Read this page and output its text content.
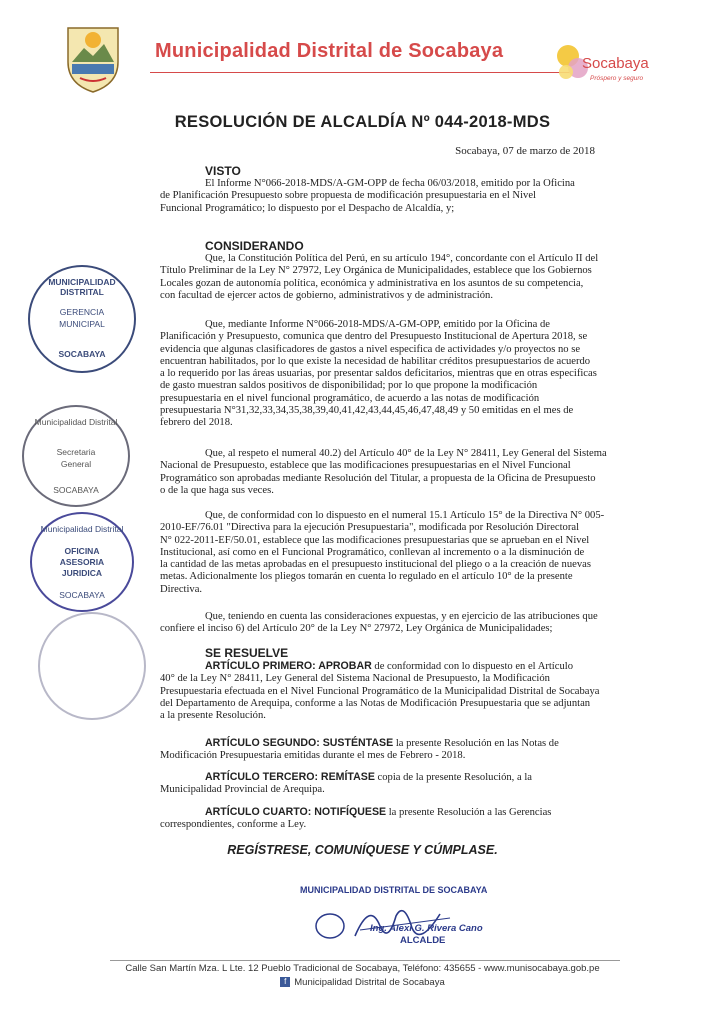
Municipalidad Distrital de Socabaya
Socabaya
Próspero y seguro
RESOLUCIÓN DE ALCALDÍA Nº 044-2018-MDS
Socabaya, 07 de marzo de 2018
VISTO
El Informe N°066-2018-MDS/A-GM-OPP de fecha 06/03/2018, emitido por la Oficina
de Planificación Presupuesto sobre propuesta de modificación presupuestaria en el Nivel
Funcional Programático; lo dispuesto por el Despacho de Alcaldía, y;
CONSIDERANDO
Que, la Constitución Política del Perú, en su artículo 194°, concordante con el Artículo II del
Título Preliminar de la Ley N° 27972, Ley Orgánica de Municipalidades, establece que los Gobiernos
Locales gozan de autonomía política, económica y administrativa en los asuntos de su competencia,
con facultad de ejercer actos de gobierno, administrativos y de administración.
Que, mediante Informe N°066-2018-MDS/A-GM-OPP, emitido por la Oficina de
Planificación y Presupuesto, comunica que dentro del Presupuesto Institucional de Apertura 2018, se
evidencia que algunas clasificadores de gastos a nivel especifica de actividades y/o proyectos no se
encuentran habilitados, por lo que existe la necesidad de habilitar créditos presupuestarios de acuerdo
a lo requerido por las áreas usuarias, por presentar saldos deficitarios, mientras que en otras especificas
de gasto muestran saldos positivos de disponibilidad; por lo que propone la modificación
presupuestaria en el nivel funcional programático, de acuerdo a las notas de modificación
presupuestaria N°31,32,33,34,35,38,39,40,41,42,43,44,45,46,47,48,49 y 50 emitidas en el mes de
febrero del 2018.
Que, al respeto el numeral 40.2) del Artículo 40° de la Ley N° 28411, Ley General del Sistema
Nacional de Presupuesto, establece que las modificaciones presupuestarias en el Nivel Funcional
Programático son aprobadas mediante Resolución del Titular, a propuesta de la Oficina de Presupuesto
o de la que haga sus veces.
Que, de conformidad con lo dispuesto en el numeral 15.1 Artículo 15° de la Directiva N° 005-
2010-EF/76.01 "Directiva para la ejecución Presupuestaria", modificada por Resolución Directoral
N° 022-2011-EF/50.01, establece que las modificaciones presupuestarias que se aprueban en el Nivel
Institucional, así como en el Funcional Programático, conllevan al incremento o a la disminución de
la cantidad de las metas aprobadas en el presupuesto institucional del pliego o a la creación de nuevas
metas. Adicionalmente los pliegos tomarán en cuenta lo regulado en el artículo 10° de la presente
Directiva.
Que, teniendo en cuenta las consideraciones expuestas, y en ejercicio de las atribuciones que
confiere el inciso 6) del Artículo 20° de la Ley N° 27972, Ley Orgánica de Municipalidades;
SE RESUELVE
ARTÍCULO PRIMERO: APROBAR de conformidad con lo dispuesto en el Artículo
40° de la Ley N° 28411, Ley General del Sistema Nacional de Presupuesto, la Modificación
Presupuestaria efectuada en el Nivel Funcional Programático de la Municipalidad Distrital de Socabaya
del Departamento de Arequipa, conforme a las Notas de Modificación Presupuestaria que se adjuntan
a la presente Resolución.
ARTÍCULO SEGUNDO: SUSTÉNTASE la presente Resolución en las Notas de
Modificación Presupuestaria emitidas durante el mes de Febrero - 2018.
ARTÍCULO TERCERO: REMÍTASE copia de la presente Resolución, a la
Municipalidad Provincial de Arequipa.
ARTÍCULO CUARTO: NOTIFÍQUESE la presente Resolución a las Gerencias
correspondientes, conforme a Ley.
REGÍSTRESE, COMUNÍQUESE Y CÚMPLASE.
MUNICIPALIDAD DISTRITAL
GERENCIA
MUNICIPAL
SOCABAYA
Municipalidad Distrital
Secretaria
General
SOCABAYA
Municipalidad Distrital
OFICINA
ASESORIA
JURIDICA
SOCABAYA
MUNICIPALIDAD DISTRITAL DE SOCABAYA
Ing. Alexi G. Rivera Cano
ALCALDE
Calle San Martín Mza. L Lte. 12 Pueblo Tradicional de Socabaya, Teléfono: 435655 - www.munisocabaya.gob.pe
f Municipalidad Distrital de Socabaya
